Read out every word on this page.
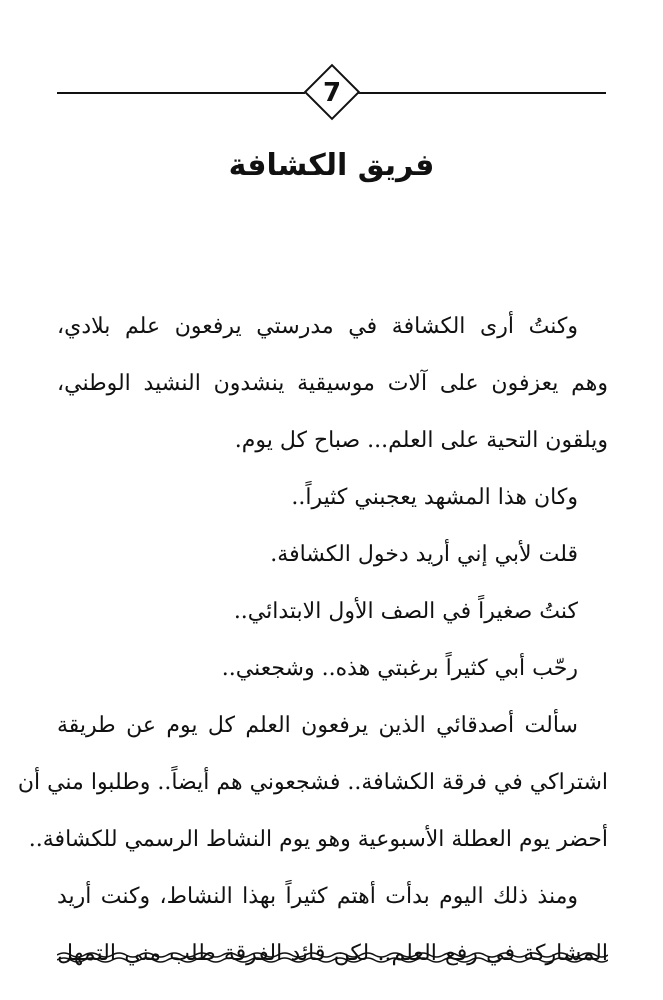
7
فريق الكشافة

وكنتُ أرى الكشافة في مدرستي يرفعون علم بلادي،

وهم يعزفون على آلات موسيقية ينشدون النشيد الوطني،

ويلقون التحية على العلم... صباح كل يوم.

وكان هذا المشهد يعجبني كثيراً..

قلت لأبي إني أريد دخول الكشافة.

كنتُ صغيراً في الصف الأول الابتدائي..

رحّب أبي كثيراً برغبتي هذه.. وشجعني..

سألت أصدقائي الذين يرفعون العلم كل يوم عن طريقة

اشتراكي في فرقة الكشافة.. فشجعوني هم أيضاً.. وطلبوا مني أن

أحضر يوم العطلة الأسبوعية وهو يوم النشاط الرسمي للكشافة..

ومنذ ذلك اليوم بدأت أهتم كثيراً بهذا النشاط، وكنت أريد

المشاركة في رفع العلم.. لكن قائد الفرقة طلب مني التمهل
